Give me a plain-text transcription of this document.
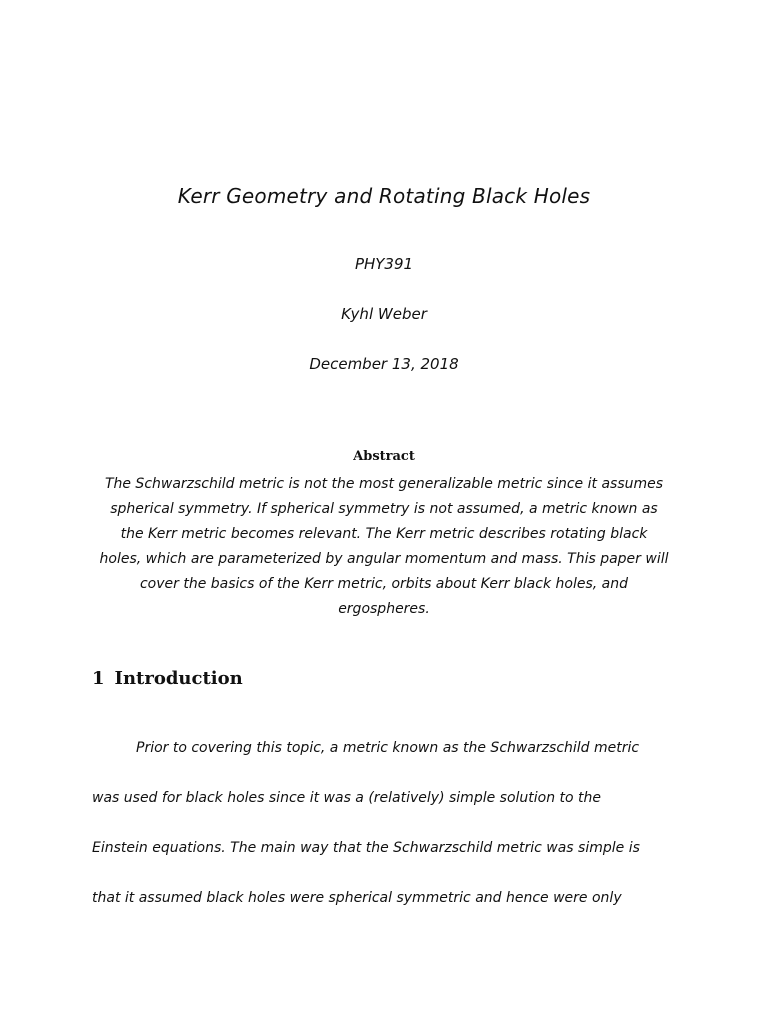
Kerr Geometry and Rotating Black Holes
PHY391
Kyhl Weber
December 13, 2018
Abstract
The Schwarzschild metric is not the most generalizable metric since it assumes
spherical symmetry. If spherical symmetry is not assumed, a metric known as
the Kerr metric becomes relevant. The Kerr metric describes rotating black
holes, which are parameterized by angular momentum and mass. This paper will
cover the basics of the Kerr metric, orbits about Kerr black holes, and
ergospheres.
1 Introduction
Prior to covering this topic, a metric known as the Schwarzschild metric
was used for black holes since it was a (relatively) simple solution to the
Einstein equations. The main way that the Schwarzschild metric was simple is
that it assumed black holes were spherical symmetric and hence were only
